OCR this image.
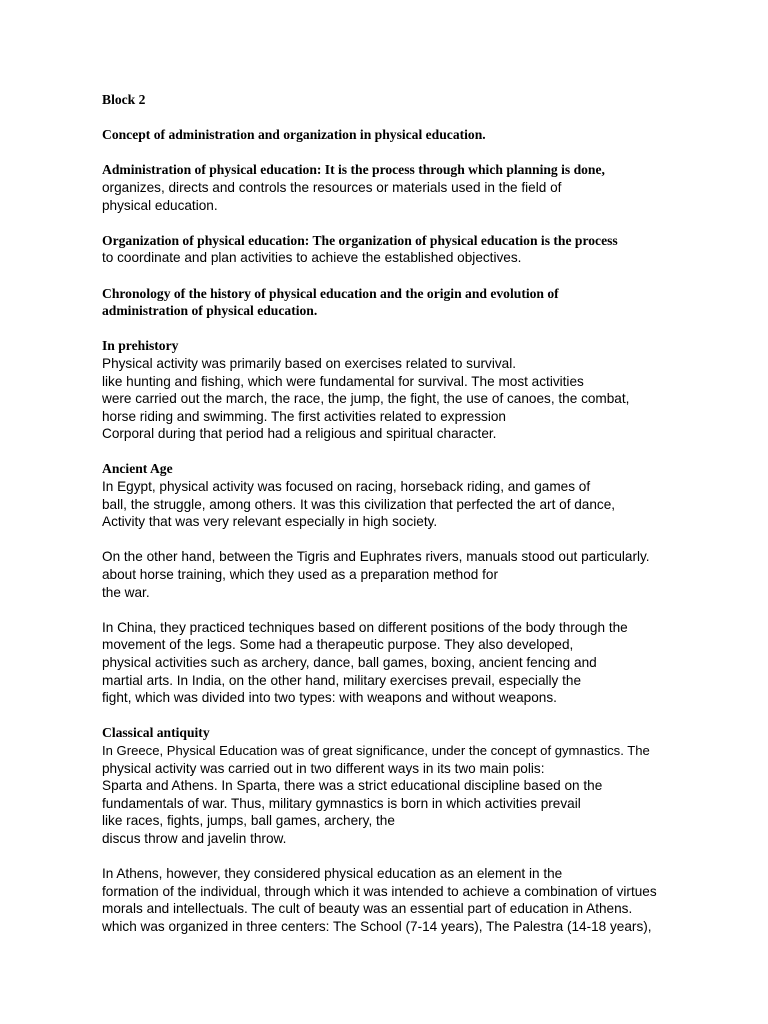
Block 2
Concept of administration and organization in physical education.
Administration of physical education: It is the process through which planning is done,
organizes, directs and controls the resources or materials used in the field of
physical education.
Organization of physical education: The organization of physical education is the process
to coordinate and plan activities to achieve the established objectives.
Chronology of the history of physical education and the origin and evolution of
administration of physical education.
In prehistory
Physical activity was primarily based on exercises related to survival.
like hunting and fishing, which were fundamental for survival. The most activities
were carried out the march, the race, the jump, the fight, the use of canoes, the combat,
horse riding and swimming. The first activities related to expression
Corporal during that period had a religious and spiritual character.
Ancient Age
In Egypt, physical activity was focused on racing, horseback riding, and games of
ball, the struggle, among others. It was this civilization that perfected the art of dance,
Activity that was very relevant especially in high society.
On the other hand, between the Tigris and Euphrates rivers, manuals stood out particularly.
about horse training, which they used as a preparation method for
the war.
In China, they practiced techniques based on different positions of the body through the
movement of the legs. Some had a therapeutic purpose. They also developed,
physical activities such as archery, dance, ball games, boxing, ancient fencing and
martial arts. In India, on the other hand, military exercises prevail, especially the
fight, which was divided into two types: with weapons and without weapons.
Classical antiquity
In Greece, Physical Education was of great significance, under the concept of gymnastics. The
physical activity was carried out in two different ways in its two main polis:
Sparta and Athens. In Sparta, there was a strict educational discipline based on the
fundamentals of war. Thus, military gymnastics is born in which activities prevail
like races, fights, jumps, ball games, archery, the
discus throw and javelin throw.
In Athens, however, they considered physical education as an element in the
formation of the individual, through which it was intended to achieve a combination of virtues
morals and intellectuals. The cult of beauty was an essential part of education in Athens.
which was organized in three centers: The School (7-14 years), The Palestra (14-18 years),
